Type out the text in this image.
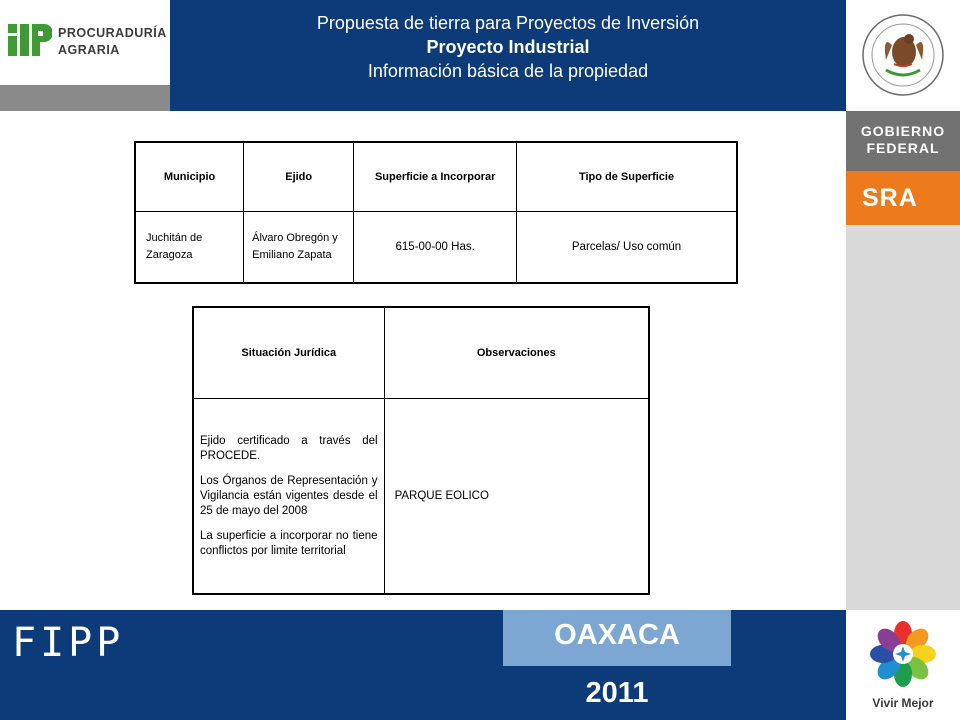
PROCURADURÍA
AGRARIA
Propuesta de tierra para Proyectos de Inversión
Proyecto Industrial
Información básica de la propiedad
GOBIERNO
FEDERAL
SRA
Vivir Mejor
Municipio	Ejido	Superficie a Incorporar	Tipo de Superficie
Juchitán de Zaragoza	Álvaro Obregón y Emiliano Zapata	615-00-00 Has.	Parcelas/ Uso común
Situación Jurídica	Observaciones

Ejido certificado a través del PROCEDE.

Los Órganos de Representación y Vigilancia están vigentes desde el 25 de mayo del 2008

La superficie a incorporar no tiene conflictos por limite territorial	PARQUE EOLICO
FIPP	OAXACA
2011
